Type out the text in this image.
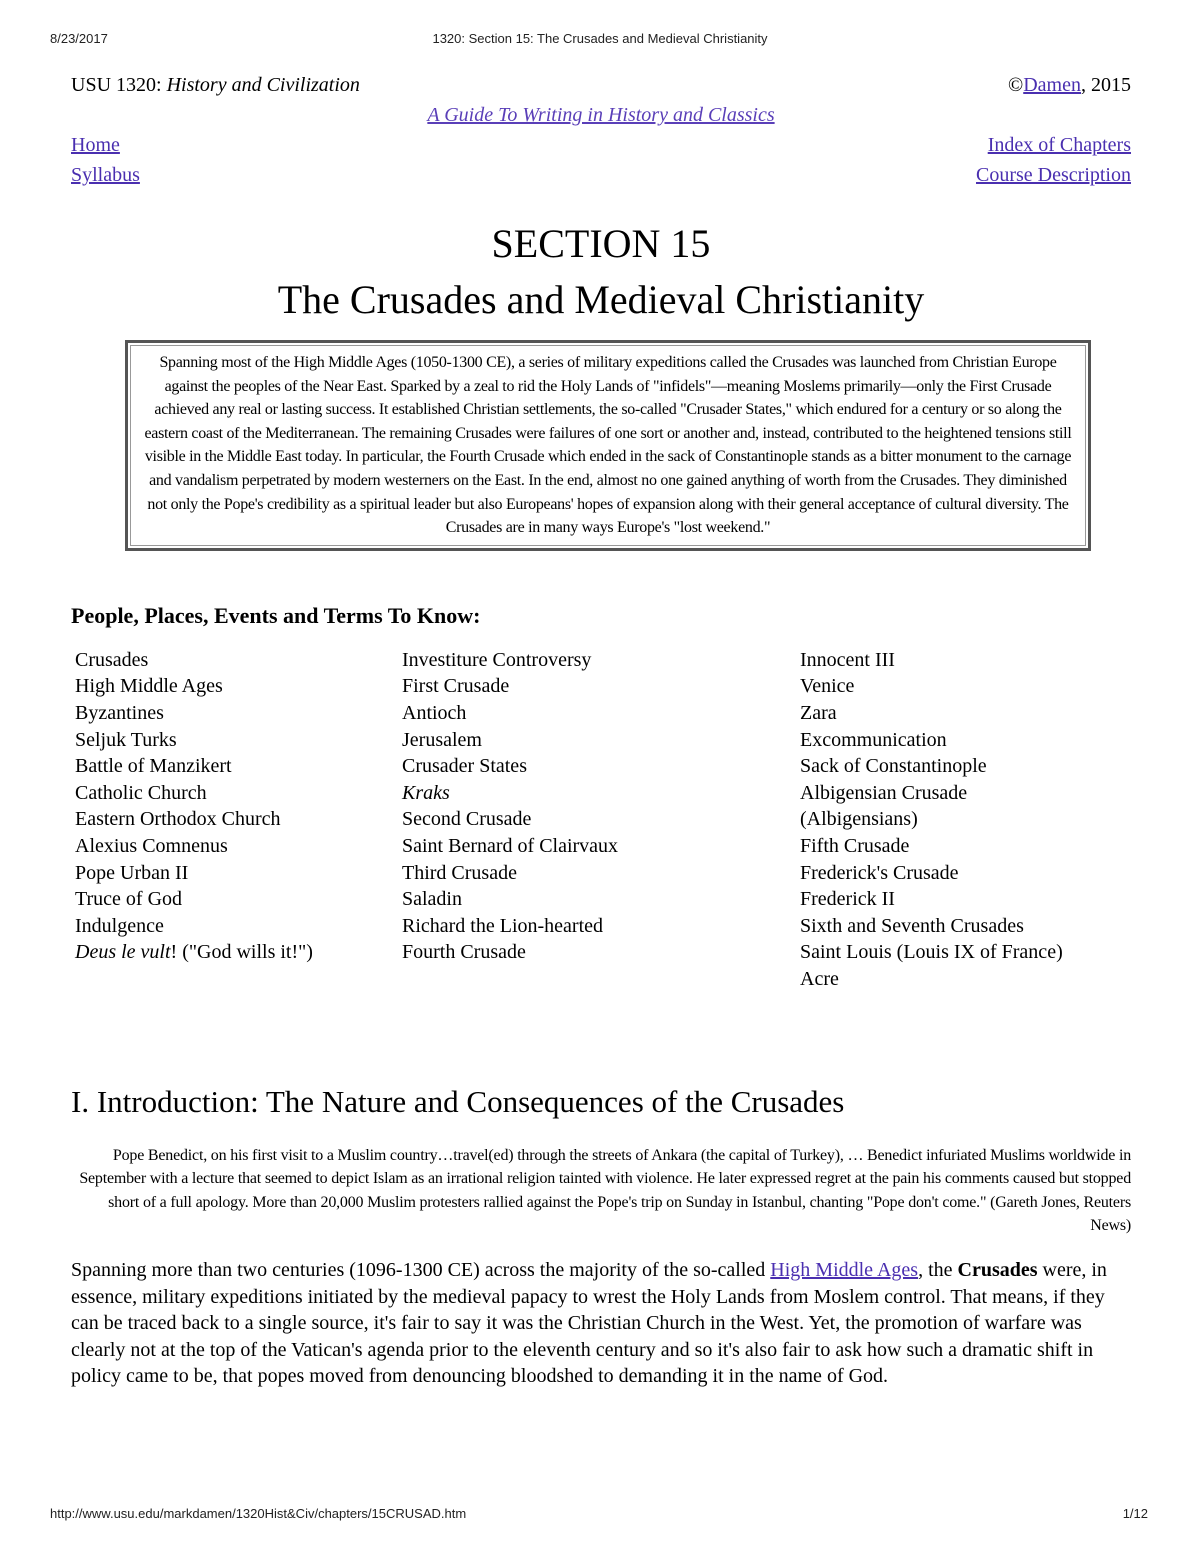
8/23/2017	1320: Section 15: The Crusades and Medieval Christianity
USU 1320: History and Civilization	©Damen, 2015
A Guide To Writing in History and Classics
Home	Index of Chapters
Syllabus	Course Description
SECTION 15
The Crusades and Medieval Christianity
Spanning most of the High Middle Ages (1050-1300 CE), a series of military expeditions called the Crusades was launched from Christian Europe against the peoples of the Near East. Sparked by a zeal to rid the Holy Lands of "infidels"—meaning Moslems primarily—only the First Crusade achieved any real or lasting success. It established Christian settlements, the so-called "Crusader States," which endured for a century or so along the eastern coast of the Mediterranean. The remaining Crusades were failures of one sort or another and, instead, contributed to the heightened tensions still visible in the Middle East today. In particular, the Fourth Crusade which ended in the sack of Constantinople stands as a bitter monument to the carnage and vandalism perpetrated by modern westerners on the East. In the end, almost no one gained anything of worth from the Crusades. They diminished not only the Pope's credibility as a spiritual leader but also Europeans' hopes of expansion along with their general acceptance of cultural diversity. The Crusades are in many ways Europe's "lost weekend."
People, Places, Events and Terms To Know:
Crusades
High Middle Ages
Byzantines
Seljuk Turks
Battle of Manzikert
Catholic Church
Eastern Orthodox Church
Alexius Comnenus
Pope Urban II
Truce of God
Indulgence
Deus le vult! ("God wills it!")
Investiture Controversy
First Crusade
Antioch
Jerusalem
Crusader States
Kraks
Second Crusade
Saint Bernard of Clairvaux
Third Crusade
Saladin
Richard the Lion-hearted
Fourth Crusade
Innocent III
Venice
Zara
Excommunication
Sack of Constantinople
Albigensian Crusade
(Albigensians)
Fifth Crusade
Frederick's Crusade
Frederick II
Sixth and Seventh Crusades
Saint Louis (Louis IX of France)
Acre
I. Introduction: The Nature and Consequences of the Crusades
Pope Benedict, on his first visit to a Muslim country…travel(ed) through the streets of Ankara (the capital of Turkey), … Benedict infuriated Muslims worldwide in September with a lecture that seemed to depict Islam as an irrational religion tainted with violence. He later expressed regret at the pain his comments caused but stopped short of a full apology. More than 20,000 Muslim protesters rallied against the Pope's trip on Sunday in Istanbul, chanting "Pope don't come." (Gareth Jones, Reuters News)
Spanning more than two centuries (1096-1300 CE) across the majority of the so-called High Middle Ages, the Crusades were, in essence, military expeditions initiated by the medieval papacy to wrest the Holy Lands from Moslem control. That means, if they can be traced back to a single source, it's fair to say it was the Christian Church in the West. Yet, the promotion of warfare was clearly not at the top of the Vatican's agenda prior to the eleventh century and so it's also fair to ask how such a dramatic shift in policy came to be, that popes moved from denouncing bloodshed to demanding it in the name of God.
http://www.usu.edu/markdamen/1320Hist&Civ/chapters/15CRUSAD.htm	1/12
